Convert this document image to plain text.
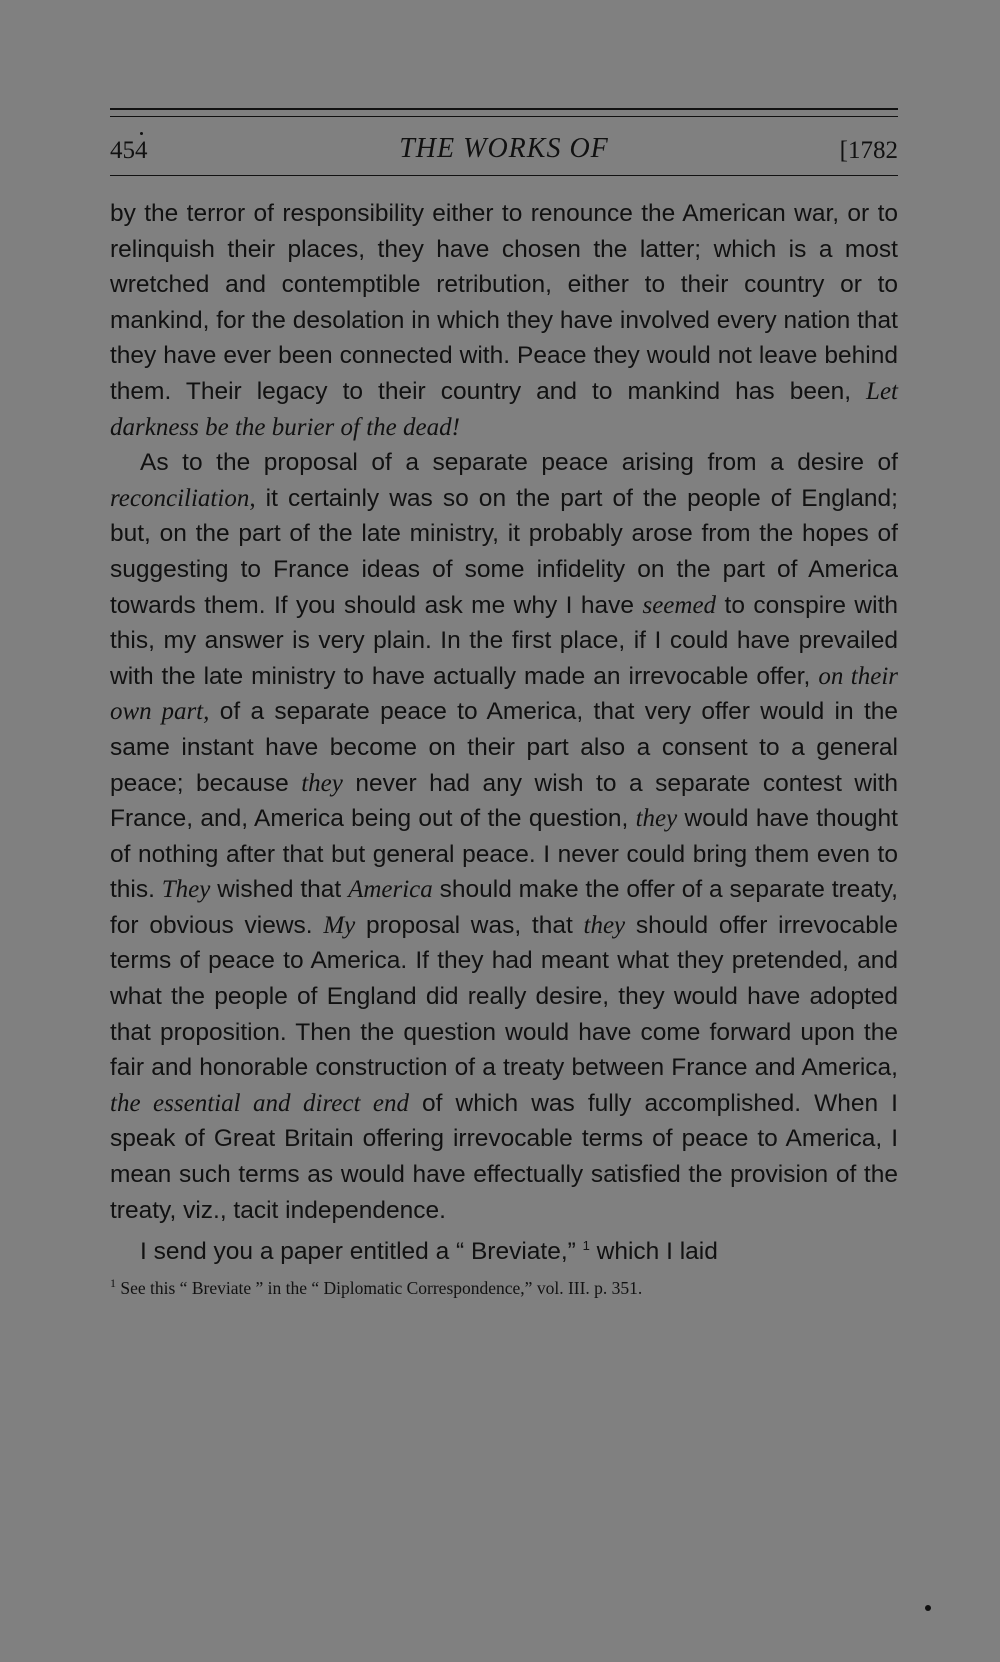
454	THE WORKS OF	[1782

by the terror of responsibility either to renounce the American war, or to relinquish their places, they have chosen the latter; which is a most wretched and contemptible retribution, either to their country or to mankind, for the desolation in which they have involved every nation that they have ever been connected with. Peace they would not leave behind them. Their legacy to their country and to mankind has been, Let darkness be the burier of the dead!

As to the proposal of a separate peace arising from a desire of reconciliation, it certainly was so on the part of the people of England; but, on the part of the late ministry, it probably arose from the hopes of suggesting to France ideas of some infidelity on the part of America towards them. If you should ask me why I have seemed to conspire with this, my answer is very plain. In the first place, if I could have prevailed with the late ministry to have actually made an irrevocable offer, on their own part, of a separate peace to America, that very offer would in the same instant have become on their part also a consent to a general peace; because they never had any wish to a separate contest with France, and, America being out of the question, they would have thought of nothing after that but general peace. I never could bring them even to this. They wished that America should make the offer of a separate treaty, for obvious views. My proposal was, that they should offer irrevocable terms of peace to America. If they had meant what they pretended, and what the people of England did really desire, they would have adopted that proposition. Then the question would have come forward upon the fair and honorable construction of a treaty between France and America, the essential and direct end of which was fully accomplished. When I speak of Great Britain offering irrevocable terms of peace to America, I mean such terms as would have effectually satisfied the provision of the treaty, viz., tacit independence.

I send you a paper entitled a “ Breviate,” $^1$ which I laid

$^1$ See this “ Breviate ” in the “ Diplomatic Correspondence,” vol. III. p. 351.
